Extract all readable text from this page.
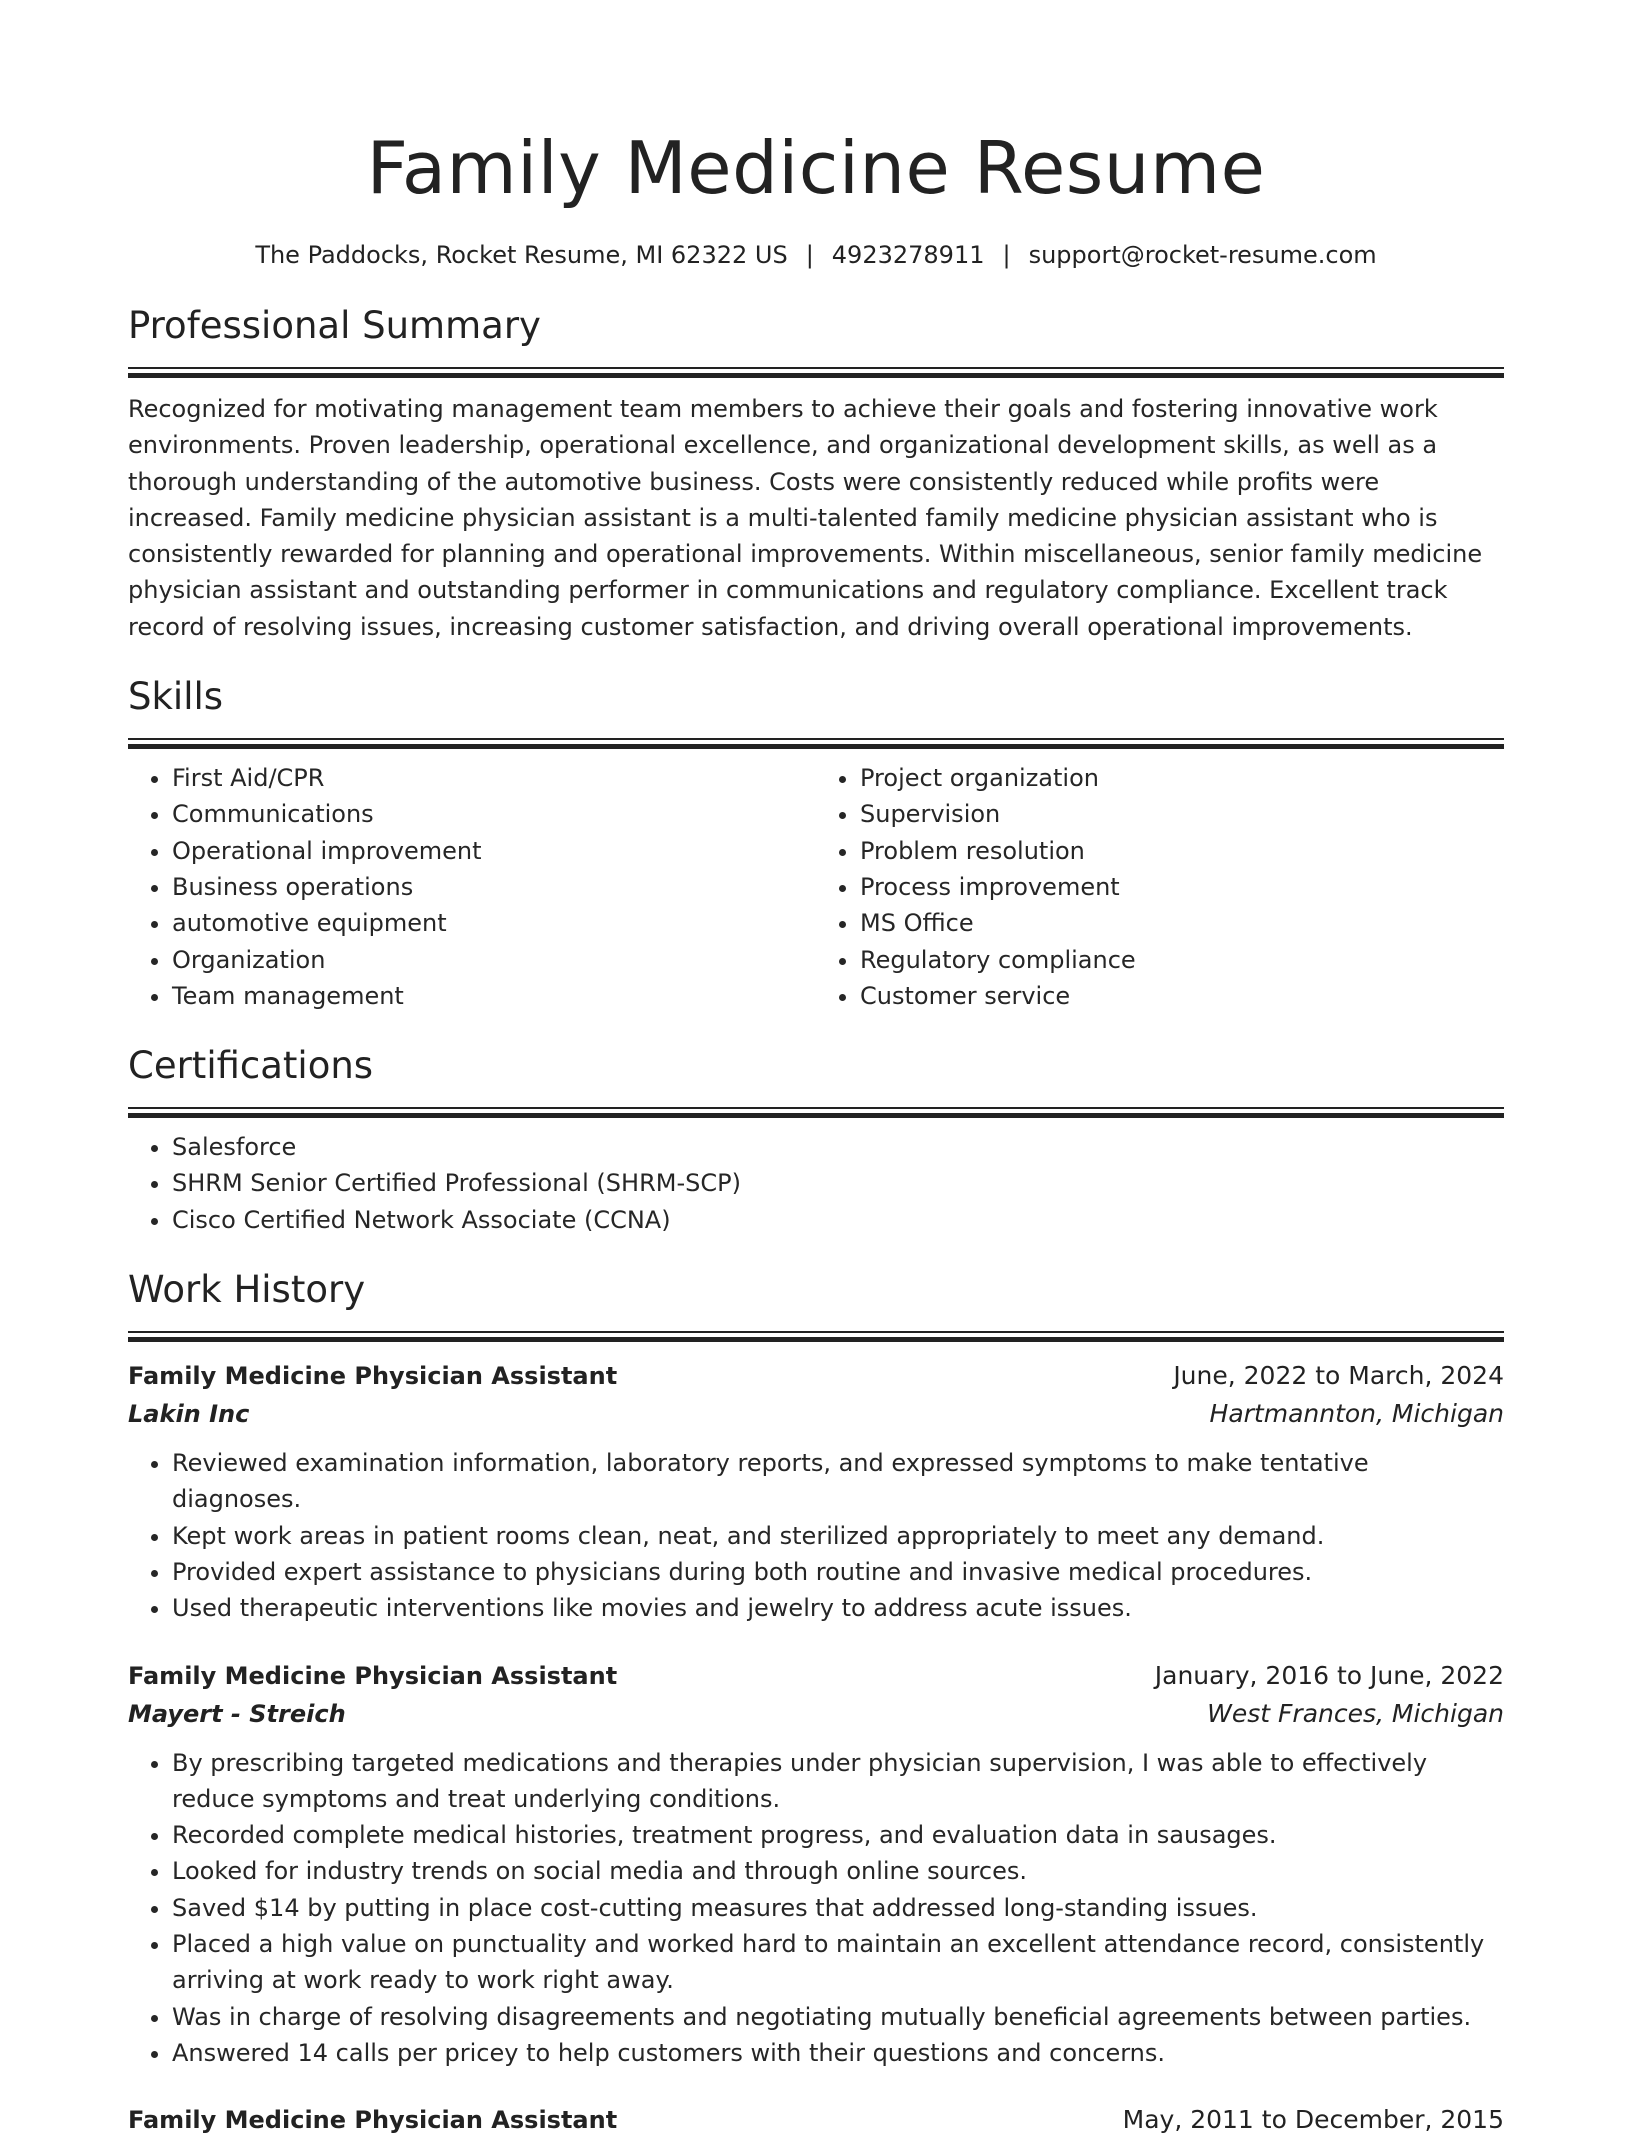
Family Medicine Resume
The Paddocks, Rocket Resume, MI 62322 US | 4923278911 | support@rocket-resume.com
Professional Summary

Recognized for motivating management team members to achieve their goals and fostering innovative work environments. Proven leadership, operational excellence, and organizational development skills, as well as a thorough understanding of the automotive business. Costs were consistently reduced while profits were increased. Family medicine physician assistant is a multi-talented family medicine physician assistant who is consistently rewarded for planning and operational improvements. Within miscellaneous, senior family medicine physician assistant and outstanding performer in communications and regulatory compliance. Excellent track record of resolving issues, increasing customer satisfaction, and driving overall operational improvements.

Skills
• First Aid/CPR
• Communications
• Operational improvement
• Business operations
• automotive equipment
• Organization
• Team management
• Project organization
• Supervision
• Problem resolution
• Process improvement
• MS Office
• Regulatory compliance
• Customer service
Certifications
• Salesforce
• SHRM Senior Certified Professional (SHRM-SCP)
• Cisco Certified Network Associate (CCNA)
Work History
Family Medicine Physician Assistant	June, 2022 to March, 2024
Lakin Inc	Hartmannton, Michigan
• Reviewed examination information, laboratory reports, and expressed symptoms to make tentative diagnoses.
• Kept work areas in patient rooms clean, neat, and sterilized appropriately to meet any demand.
• Provided expert assistance to physicians during both routine and invasive medical procedures.
• Used therapeutic interventions like movies and jewelry to address acute issues.
Family Medicine Physician Assistant	January, 2016 to June, 2022
Mayert - Streich	West Frances, Michigan
• By prescribing targeted medications and therapies under physician supervision, I was able to effectively reduce symptoms and treat underlying conditions.
• Recorded complete medical histories, treatment progress, and evaluation data in sausages.
• Looked for industry trends on social media and through online sources.
• Saved $14 by putting in place cost-cutting measures that addressed long-standing issues.
• Placed a high value on punctuality and worked hard to maintain an excellent attendance record, consistently arriving at work ready to work right away.
• Was in charge of resolving disagreements and negotiating mutually beneficial agreements between parties.
• Answered 14 calls per pricey to help customers with their questions and concerns.
Family Medicine Physician Assistant	May, 2011 to December, 2015
